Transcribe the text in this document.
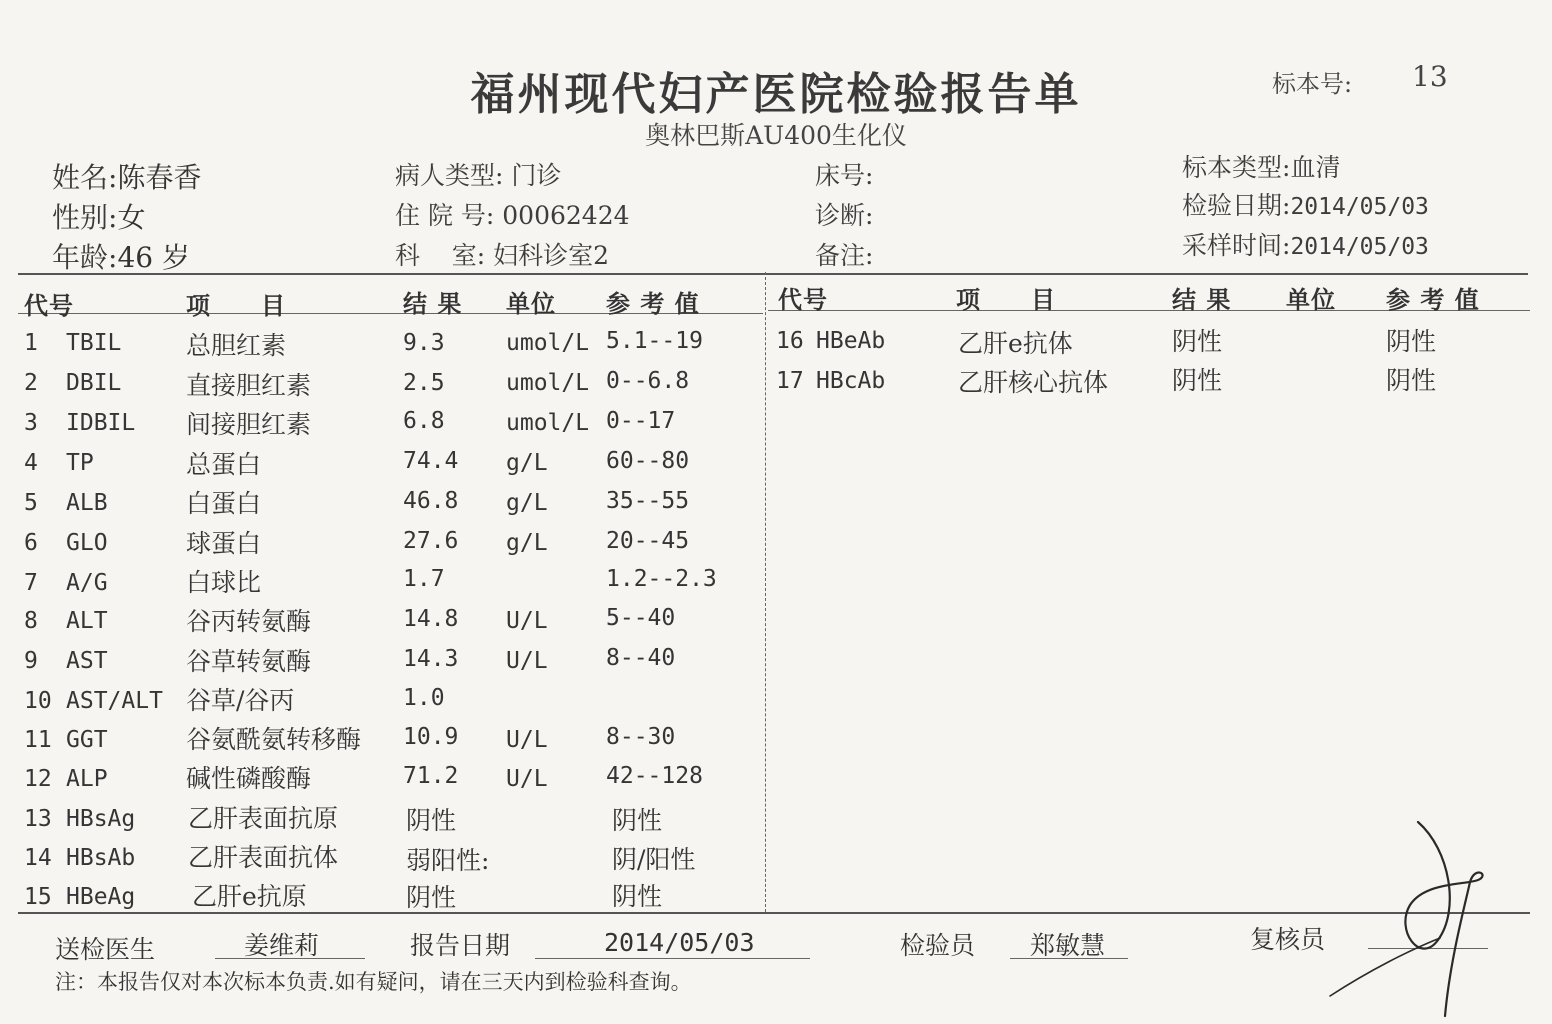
福州现代妇产医院检验报告单
奥林巴斯AU400生化仪
标本号: 13
姓名:陈春香
性别:女
年龄:46 岁
病人类型: 门诊
住 院 号: 00062424
科    室: 妇科诊室2
床号:
诊断:
备注:
标本类型:血清
检验日期:2014/05/03
采样时间:2014/05/03
代号	项　　目	结 果 单位 参 考 值	代号	项　　目	结 果 单位 参 考 值
1 TBIL	总胆红素	9.3	umol/L 5.1--19
2 DBIL	直接胆红素	2.5	umol/L 0--6.8
3 IDBIL 间接胆红素	6.8	umol/L 0--17
4 TP	总蛋白	74.4 g/L	60--80
5 ALB	白蛋白	46.8 g/L	35--55
6 GLO	球蛋白	27.6 g/L	20--45
7 A/G	白球比	1.7	1.2--2.3
8 ALT	谷丙转氨酶	14.8 U/L	5--40
9 AST	谷草转氨酶	14.3 U/L	8--40
10 AST/ALT 谷草/谷丙	1.0
11 GGT	谷氨酰氨转移酶 10.9 U/L	8--30
12 ALP	碱性磷酸酶	71.2 U/L	42--128
13 HBsAg 乙肝表面抗原	阴性	阴性
14 HBsAb 乙肝表面抗体	弱阳性:	阴/阳性
15 HBeAg 乙肝e抗原	阴性	阴性
16 HBeAb	乙肝e抗体	阴性	阴性
17 HBcAb	乙肝核心抗体	阴性	阴性
送检医生	姜维莉	报告日期	2014/05/03	检验员 郑敏慧	复核员
注：本报告仅对本次标本负责.如有疑问，请在三天内到检验科查询。
